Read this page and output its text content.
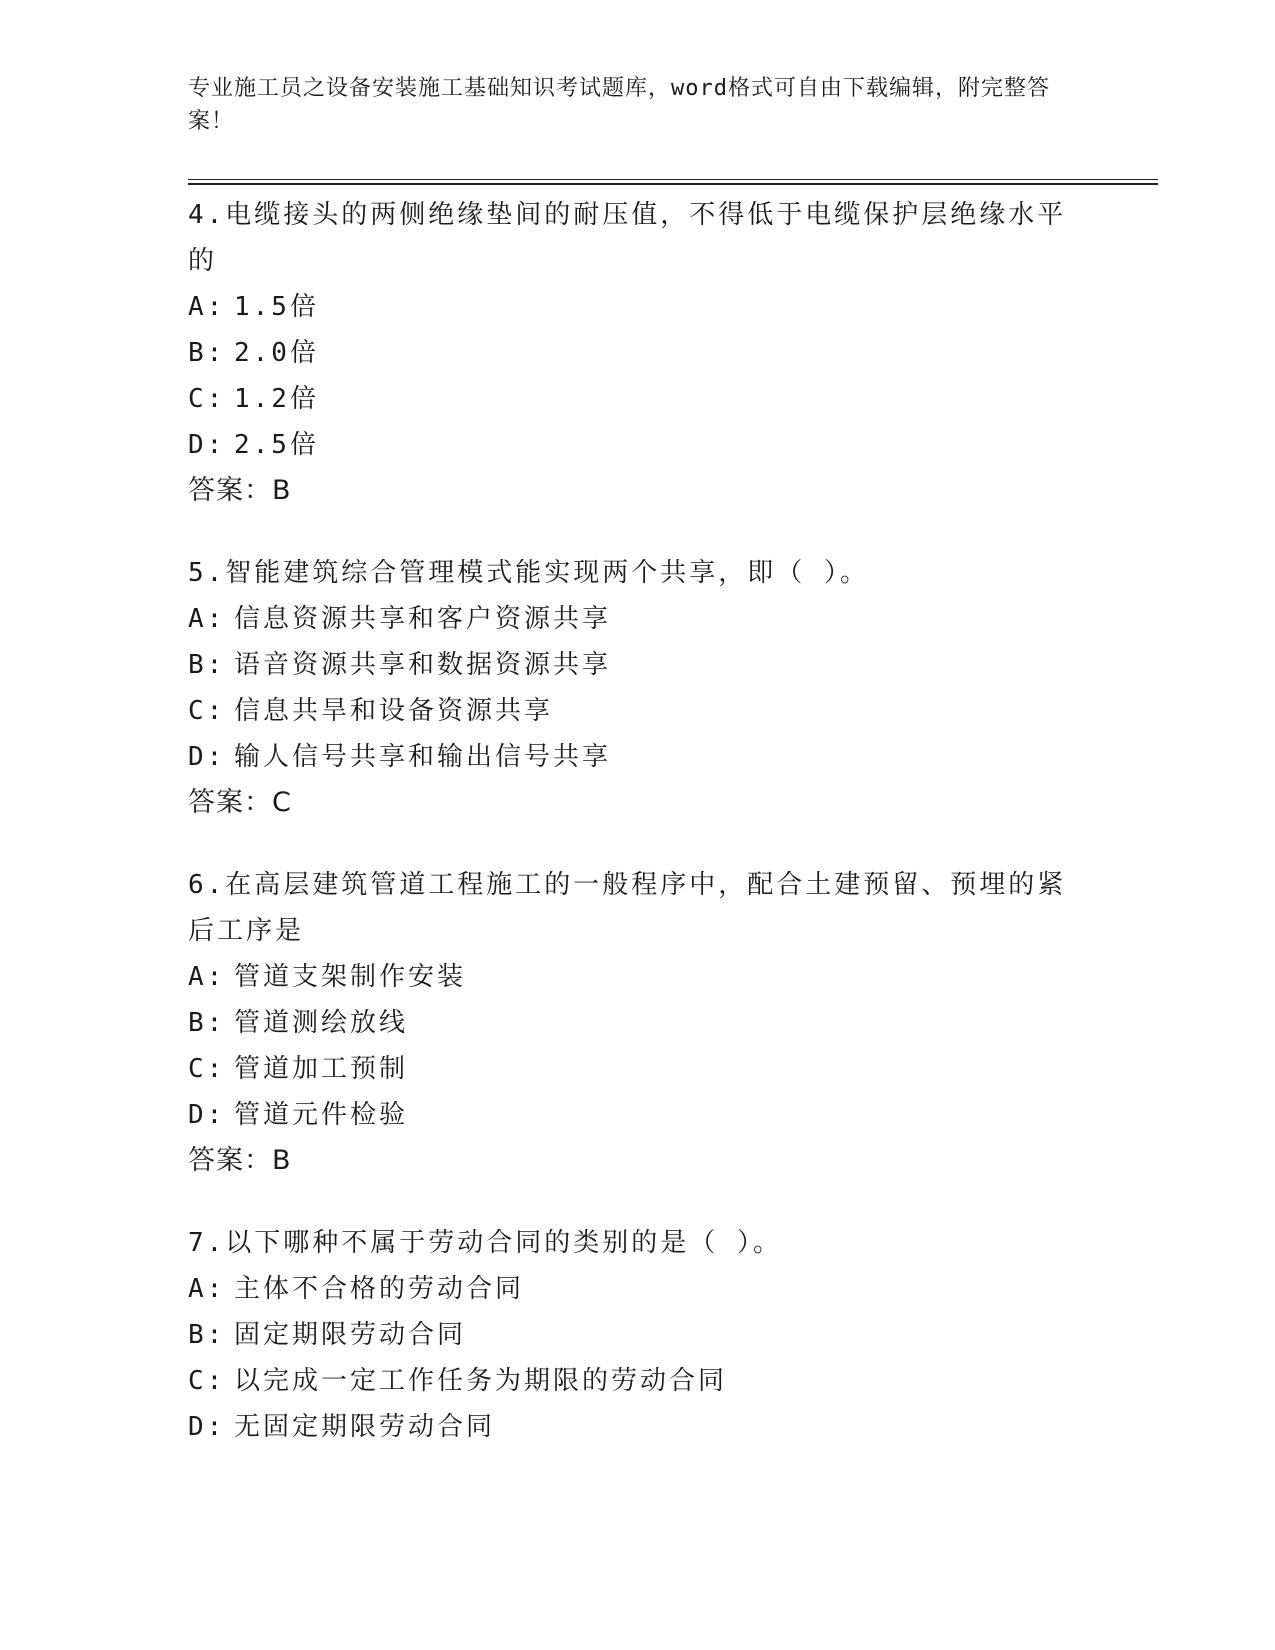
专业施工员之设备安装施工基础知识考试题库，word格式可自由下载编辑，附完整答案！
4.电缆接头的两侧绝缘垫间的耐压值，不得低于电缆保护层绝缘水平的
A: 1.5倍
B: 2.0倍
C: 1.2倍
D: 2.5倍
答案：B
5.智能建筑综合管理模式能实现两个共享，即（ ）。
A: 信息资源共享和客户资源共享
B: 语音资源共享和数据资源共享
C: 信息共旱和设备资源共享
D: 输人信号共享和输出信号共享
答案：C
6.在高层建筑管道工程施工的一般程序中，配合土建预留、预埋的紧后工序是
A: 管道支架制作安装
B: 管道测绘放线
C: 管道加工预制
D: 管道元件检验
答案：B
7.以下哪种不属于劳动合同的类别的是（ ）。
A: 主体不合格的劳动合同
B: 固定期限劳动合同
C: 以完成一定工作任务为期限的劳动合同
D: 无固定期限劳动合同
